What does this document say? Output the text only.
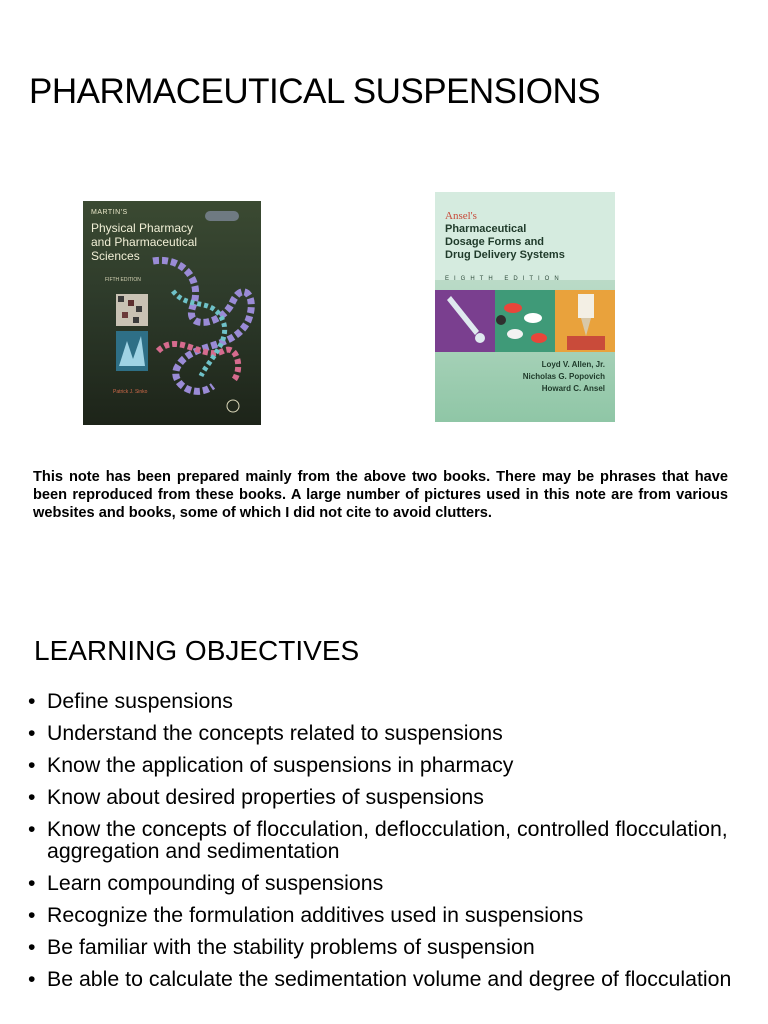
PHARMACEUTICAL SUSPENSIONS
MARTIN'S
Physical Pharmacy
and Pharmaceutical
Sciences
FIFTH EDITION
Patrick J. Sinko
Ansel's
Pharmaceutical
Dosage Forms and
Drug Delivery Systems
EIGHTH EDITION
Loyd V. Allen, Jr.
Nicholas G. Popovich
Howard C. Ansel

This note has been prepared mainly from the above two books. There may be phrases that have been reproduced from these books. A large number of pictures used in this note are from various websites and books, some of which I did not cite to avoid clutters.

LEARNING OBJECTIVES
• Define suspensions
• Understand the concepts related to suspensions
• Know the application of suspensions in pharmacy
• Know about desired properties of suspensions
• Know the concepts of flocculation, deflocculation, controlled flocculation, aggregation and sedimentation
• Learn compounding of suspensions
• Recognize the formulation additives used in suspensions
• Be familiar with the stability problems of suspension
• Be able to calculate the sedimentation volume and degree of flocculation
